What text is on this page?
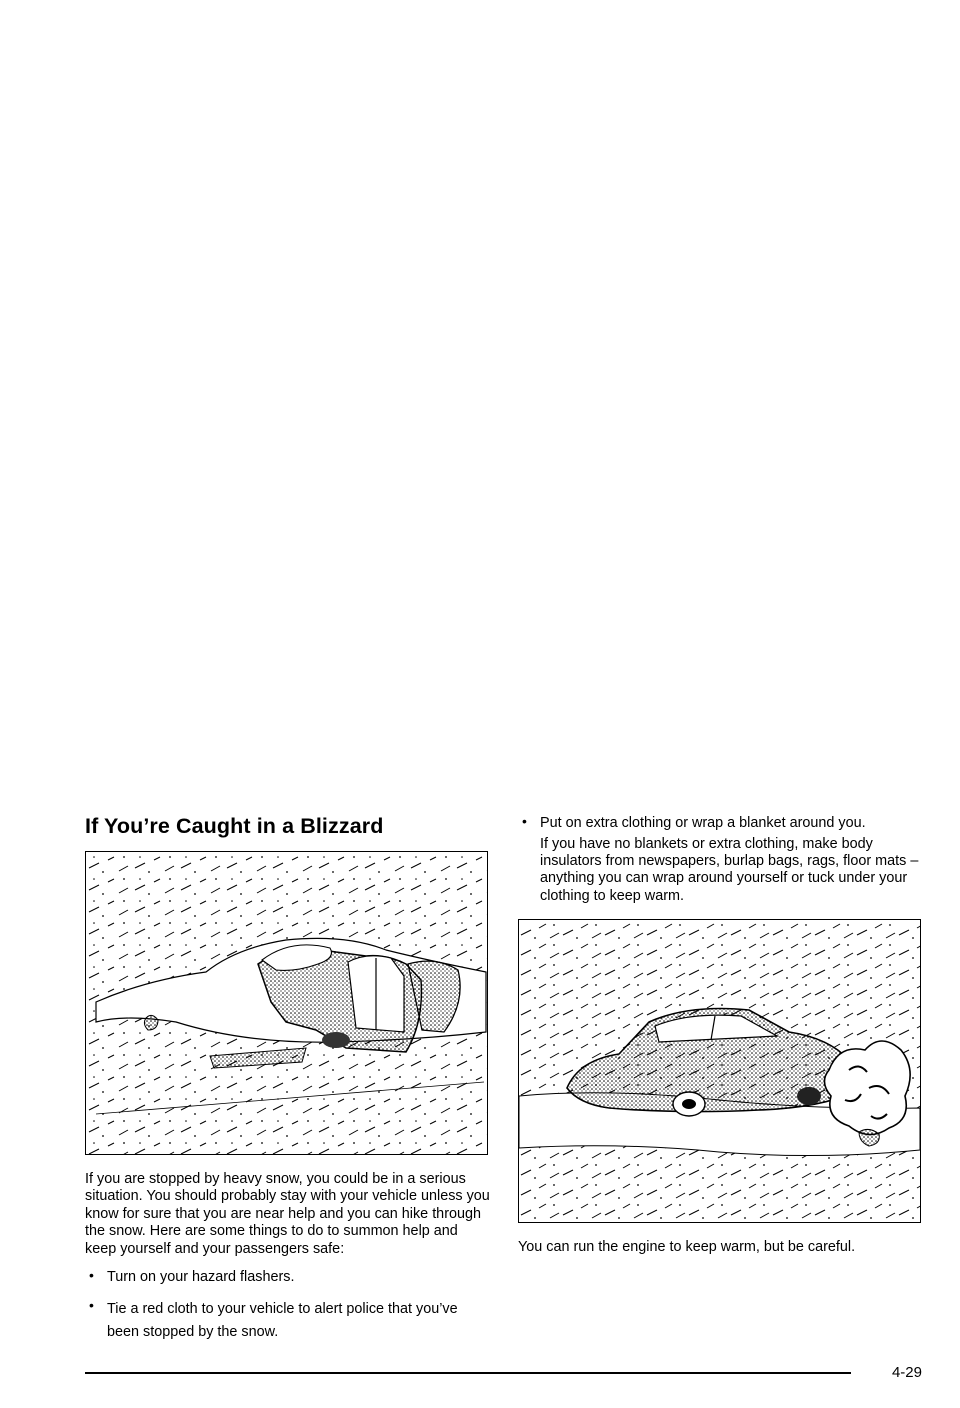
If You’re Caught in a Blizzard

If you are stopped by heavy snow, you could be in a serious situation. You should probably stay with your vehicle unless you know for sure that you are near help and you can hike through the snow. Here are some things to do to summon help and keep yourself and your passengers safe:

• Turn on your hazard flashers.
• Tie a red cloth to your vehicle to alert police that you’ve been stopped by the snow.
• Put on extra clothing or wrap a blanket around you.
If you have no blankets or extra clothing, make body insulators from newspapers, burlap bags, rags, floor mats – anything you can wrap around yourself or tuck under your clothing to keep warm.

You can run the engine to keep warm, but be careful.

4-29
